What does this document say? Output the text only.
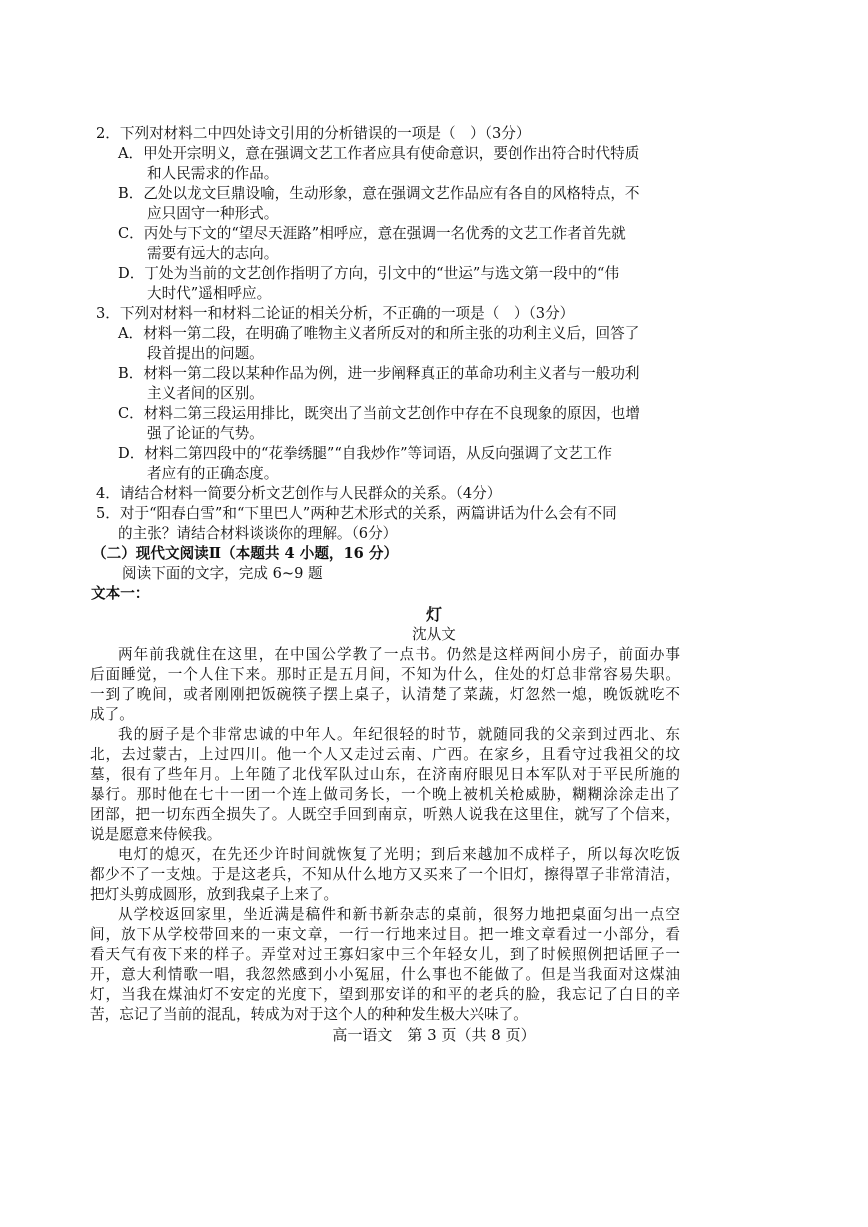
2．下列对材料二中四处诗文引用的分析错误的一项是（　）（3分）
A．甲处开宗明义，意在强调文艺工作者应具有使命意识，要创作出符合时代特质
和人民需求的作品。
B．乙处以龙文巨鼎设喻，生动形象，意在强调文艺作品应有各自的风格特点，不
应只固守一种形式。
C．丙处与下文的“望尽天涯路”相呼应，意在强调一名优秀的文艺工作者首先就
需要有远大的志向。
D．丁处为当前的文艺创作指明了方向，引文中的“世运”与选文第一段中的“伟
大时代”遥相呼应。
3．下列对材料一和材料二论证的相关分析，不正确的一项是（　）（3分）
A．材料一第二段，在明确了唯物主义者所反对的和所主张的功利主义后，回答了
段首提出的问题。
B．材料一第二段以某种作品为例，进一步阐释真正的革命功利主义者与一般功利
主义者间的区别。
C．材料二第三段运用排比，既突出了当前文艺创作中存在不良现象的原因，也增
强了论证的气势。
D．材料二第四段中的“花拳绣腿”“自我炒作”等词语，从反向强调了文艺工作
者应有的正确态度。
4．请结合材料一简要分析文艺创作与人民群众的关系。（4分）
5．对于“阳春白雪”和“下里巴人”两种艺术形式的关系，两篇讲话为什么会有不同
的主张？请结合材料谈谈你的理解。（6分）
（二）现代文阅读Ⅱ（本题共 4 小题，16 分）
阅读下面的文字，完成 6~9 题
文本一：
灯
沈从文
两年前我就住在这里，在中国公学教了一点书。仍然是这样两间小房子，前面办事
后面睡觉，一个人住下来。那时正是五月间，不知为什么，住处的灯总非常容易失职。
一到了晚间，或者刚刚把饭碗筷子摆上桌子，认清楚了菜蔬，灯忽然一熄，晚饭就吃不
成了。
我的厨子是个非常忠诚的中年人。年纪很轻的时节，就随同我的父亲到过西北、东
北，去过蒙古，上过四川。他一个人又走过云南、广西。在家乡，且看守过我祖父的坟
墓，很有了些年月。上年随了北伐军队过山东，在济南府眼见日本军队对于平民所施的
暴行。那时他在七十一团一个连上做司务长，一个晚上被机关枪威胁，糊糊涂涂走出了
团部，把一切东西全损失了。人既空手回到南京，听熟人说我在这里住，就写了个信来，
说是愿意来侍候我。
电灯的熄灭，在先还少许时间就恢复了光明；到后来越加不成样子，所以每次吃饭
都少不了一支烛。于是这老兵，不知从什么地方又买来了一个旧灯，擦得罩子非常清洁，
把灯头剪成圆形，放到我桌子上来了。
从学校返回家里，坐近满是稿件和新书新杂志的桌前，很努力地把桌面匀出一点空
间，放下从学校带回来的一束文章，一行一行地来过目。把一堆文章看过一小部分，看
看天气有夜下来的样子。弄堂对过王寡妇家中三个年轻女儿，到了时候照例把话匣子一
开，意大利情歌一唱，我忽然感到小小冤屈，什么事也不能做了。但是当我面对这煤油
灯，当我在煤油灯不安定的光度下，望到那安详的和平的老兵的脸，我忘记了白日的辛
苦，忘记了当前的混乱，转成为对于这个人的种种发生极大兴味了。
高一语文　第 3 页（共 8 页）
